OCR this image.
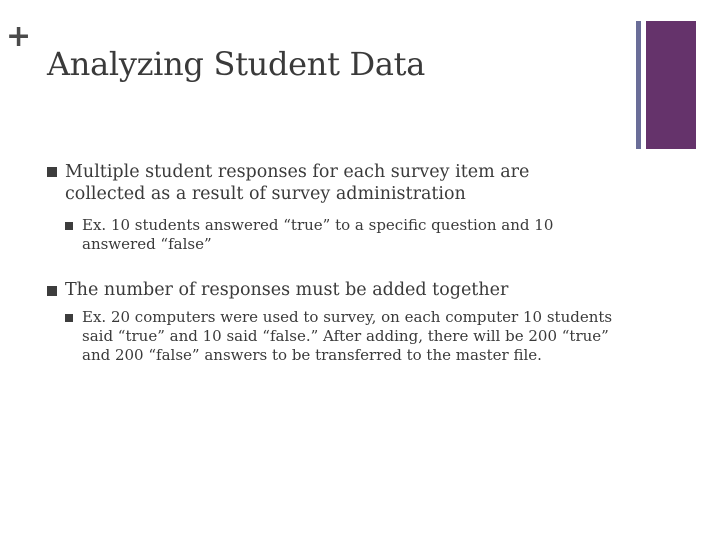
+
Analyzing Student Data
Multiple student responses for each survey item are collected as a result of survey administration
Ex. 10 students answered “true” to a specific question and 10 answered “false”
The number of responses must be added together
Ex. 20 computers were used to survey, on each computer 10 students said “true” and 10 said “false.” After adding, there will be 200 “true” and 200 “false” answers to be transferred to the master file.
